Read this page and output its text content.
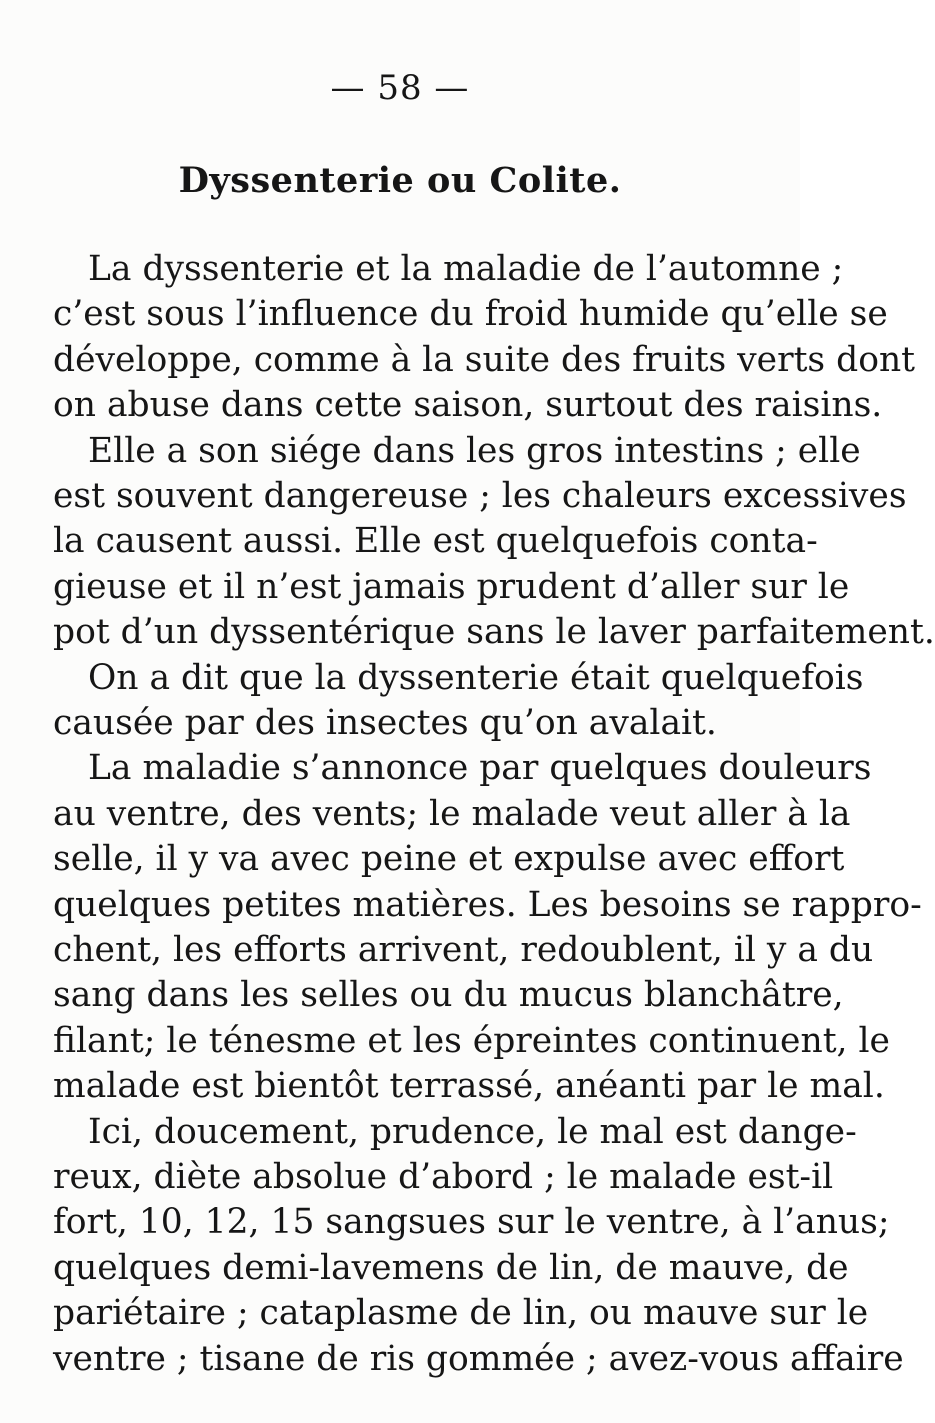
— 58 —
Dyssenterie ou Colite.
La dyssenterie et la maladie de l’automne ;
c’est sous l’influence du froid humide qu’elle se
développe, comme à la suite des fruits verts dont
on abuse dans cette saison, surtout des raisins.
Elle a son siége dans les gros intestins ; elle
est souvent dangereuse ; les chaleurs excessives
la causent aussi. Elle est quelquefois conta-
gieuse et il n’est jamais prudent d’aller sur le
pot d’un dyssentérique sans le laver parfaitement.
On a dit que la dyssenterie était quelquefois
causée par des insectes qu’on avalait.
La maladie s’annonce par quelques douleurs
au ventre, des vents; le malade veut aller à la
selle, il y va avec peine et expulse avec effort
quelques petites matières. Les besoins se rappro-
chent, les efforts arrivent, redoublent, il y a du
sang dans les selles ou du mucus blanchâtre,
filant; le ténesme et les épreintes continuent, le
malade est bientôt terrassé, anéanti par le mal.
Ici, doucement, prudence, le mal est dange-
reux, diète absolue d’abord ; le malade est-il
fort, 10, 12, 15 sangsues sur le ventre, à l’anus;
quelques demi-lavemens de lin, de mauve, de
pariétaire ; cataplasme de lin, ou mauve sur le
ventre ; tisane de ris gommée ; avez-vous affaire
